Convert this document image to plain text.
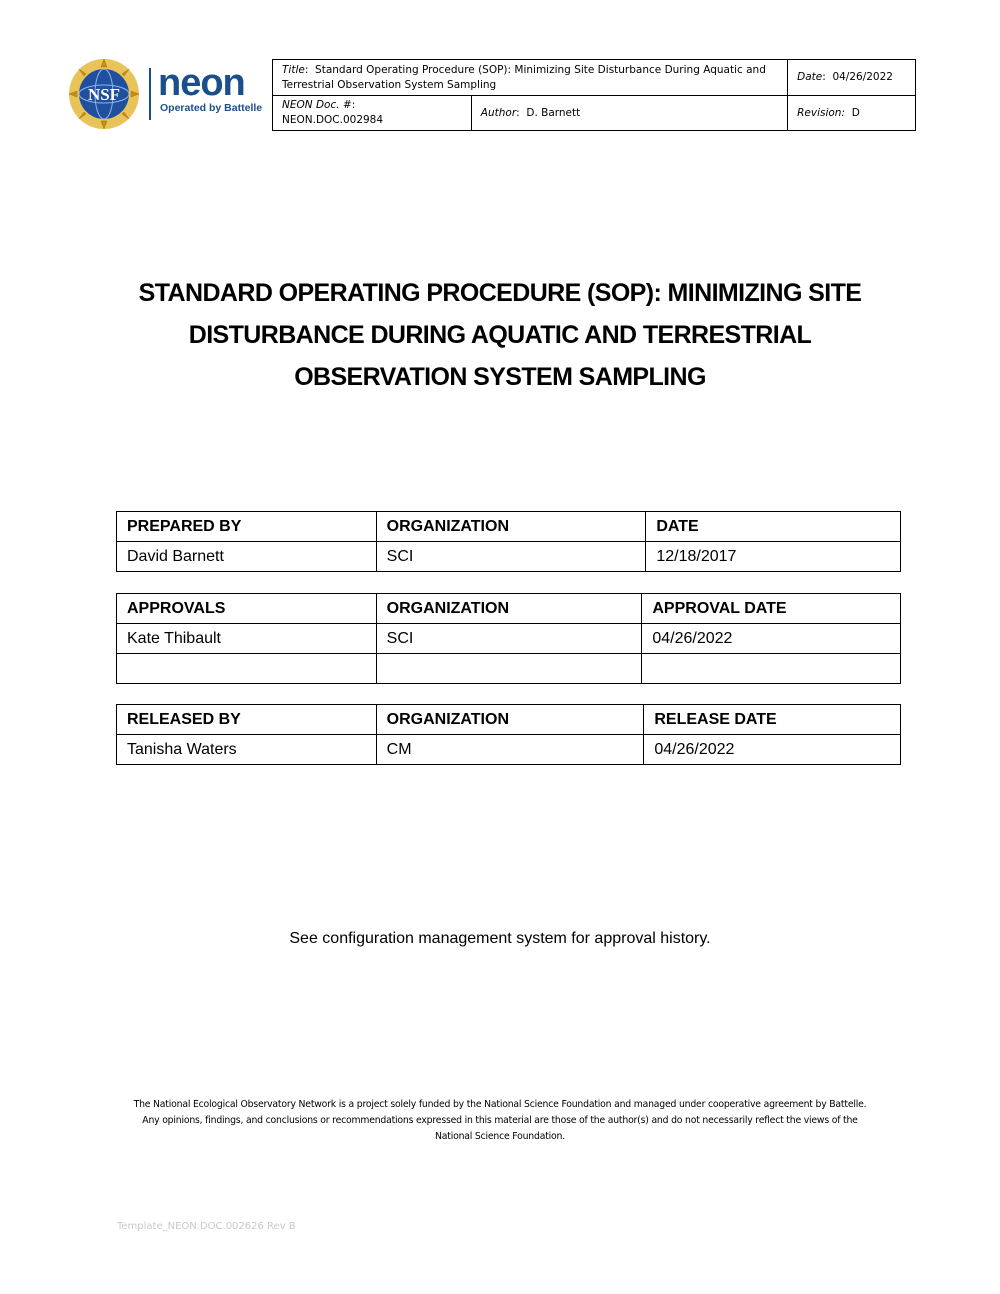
NSF neon
Operated by Battelle
Title:  Standard Operating Procedure (SOP): Minimizing Site Disturbance During Aquatic and Terrestrial Observation System Sampling		Date:  04/26/2022
NEON Doc. #:  NEON.DOC.002984	Author:  D. Barnett	Revision: D
STANDARD OPERATING PROCEDURE (SOP): MINIMIZING SITE DISTURBANCE DURING AQUATIC AND TERRESTRIAL OBSERVATION SYSTEM SAMPLING
PREPARED BY	ORGANIZATION	DATE
David Barnett	SCI	12/18/2017
APPROVALS	ORGANIZATION	APPROVAL DATE
Kate Thibault	SCI	04/26/2022

RELEASED BY	ORGANIZATION	RELEASE DATE
Tanisha Waters	CM	04/26/2022
See configuration management system for approval history.
The National Ecological Observatory Network is a project solely funded by the National Science Foundation and managed under cooperative agreement by Battelle.
Any opinions, findings, and conclusions or recommendations expressed in this material are those of the author(s) and do not necessarily reflect the views of the
National Science Foundation.
Template_NEON.DOC.002626 Rev B
